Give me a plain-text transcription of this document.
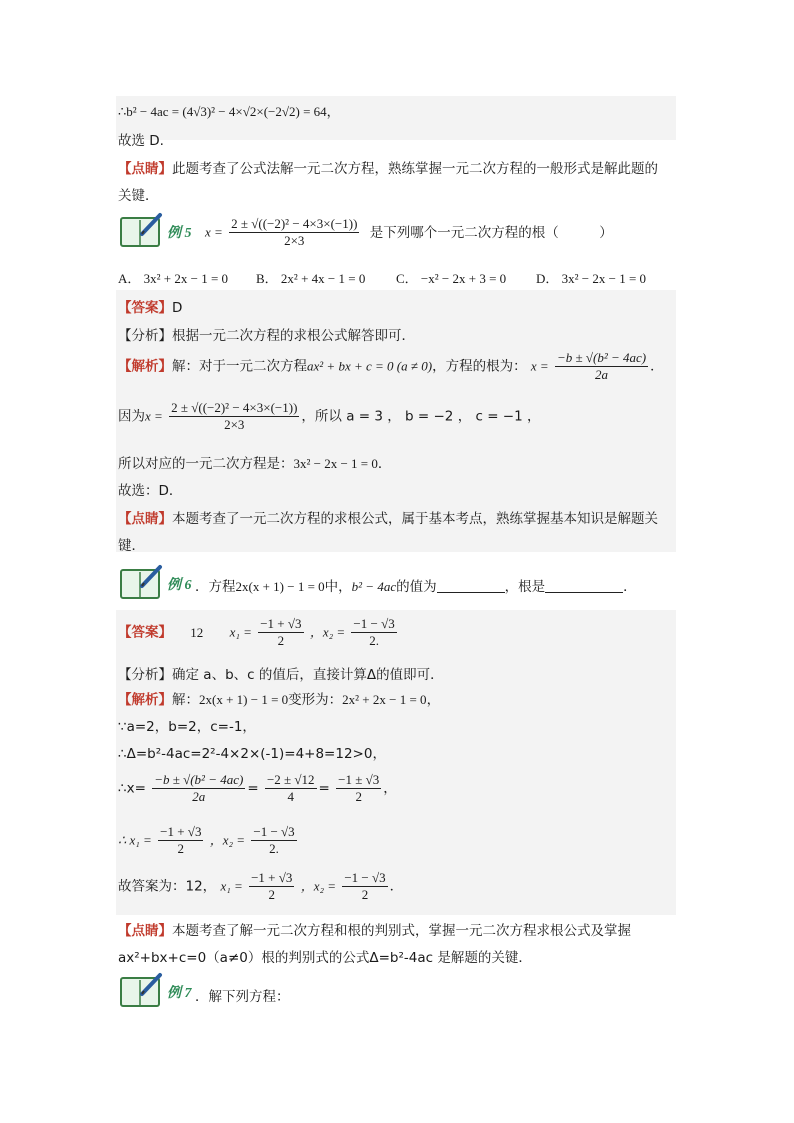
∴b² − 4ac = (4√3)² − 4×√2×(−2√2) = 64，
故选 D.
【点睛】此题考查了公式法解一元二次方程，熟练掌握一元二次方程的一般形式是解此题的
关键．
例 5 $x = \frac{\text{2 ± √((−2)² − 4×3×(−1))}}{2\times 3}$ 是下列哪个一元二次方程的根（　　　）
A． 3x² + 2x − 1 = 0 B． 2x² + 4x − 1 = 0 C． −x² − 2x + 3 = 0 D． 3x² − 2x − 1 = 0
【答案】D
【分析】根据一元二次方程的求根公式解答即可．
【解析】解：对于一元二次方程ax² + bx + c = 0 (a ≠ 0)，方程的根为： $x = \frac{\text{−b ± √(b² − 4ac)}}{2a}$ ．
因为$x = \frac{\text{2 ± √((−2)² − 4×3×(−1))}}{2\times 3}$ ，所以 a = 3 ， b = −2 ， c = −1 ，
所以对应的一元二次方程是：3x² − 2x − 1 = 0．
故选：D．
【点睛】本题考查了一元二次方程的求根公式，属于基本考点，熟练掌握基本知识是解题关
键．
例 6 ．方程2x(x + 1) − 1 = 0中，b² − 4ac的值为	，根是	．
【答案】 12 $x_1 = \frac{-1 + √3}{2}$ ，$x_2 = \frac{-1 - √3}{2.}$
【分析】确定 a、b、c 的值后，直接计算Δ的值即可．
【解析】解：2x(x + 1) − 1 = 0变形为：2x² + 2x − 1 = 0，
∵a=2，b=2，c=-1，
∴Δ=b²-4ac=2²-4×2×(-1)=4+8=12>0，
∴x= $\frac{\text{−b ± √(b² − 4ac)}}{2a} = \frac{-2 \pm √12}{4} = \frac{-1 \pm √3}{2}$ ，
∴ $x_1 = \frac{-1 + √3}{2}$ ，$x_2 = \frac{-1 - √3}{2.}$
故答案为：12， $x_1 = \frac{-1 + √3}{2}$ ，$x_2 = \frac{-1 - √3}{2}$ ．
【点睛】本题考查了解一元二次方程和根的判别式，掌握一元二次方程求根公式及掌握
ax²+bx+c=0（a≠0）根的判别式的公式Δ=b²-4ac 是解题的关键．
例 7 ．解下列方程：
